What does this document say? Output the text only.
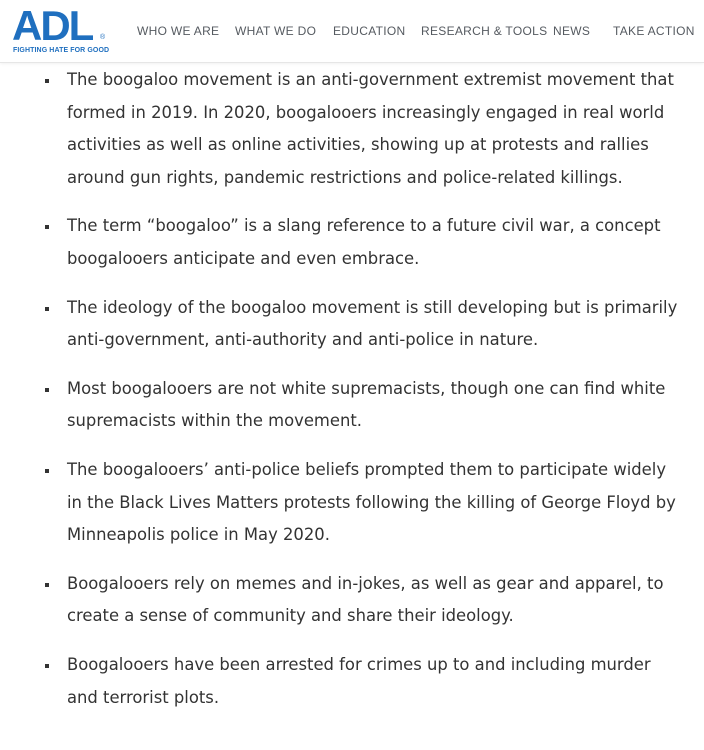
ADL ®
FIGHTING HATE FOR GOOD
WHO WE ARE WHAT WE DO EDUCATION RESEARCH & TOOLS NEWS TAKE ACTION
The boogaloo movement is an anti-government extremist movement that formed in 2019. In 2020, boogalooers increasingly engaged in real world activities as well as online activities, showing up at protests and rallies around gun rights, pandemic restrictions and police-related killings.
The term “boogaloo” is a slang reference to a future civil war, a concept boogalooers anticipate and even embrace.
The ideology of the boogaloo movement is still developing but is primarily anti-government, anti-authority and anti-police in nature.
Most boogalooers are not white supremacists, though one can find white supremacists within the movement.
The boogalooers’ anti-police beliefs prompted them to participate widely in the Black Lives Matters protests following the killing of George Floyd by Minneapolis police in May 2020.
Boogalooers rely on memes and in-jokes, as well as gear and apparel, to create a sense of community and share their ideology.
Boogalooers have been arrested for crimes up to and including murder and terrorist plots.
